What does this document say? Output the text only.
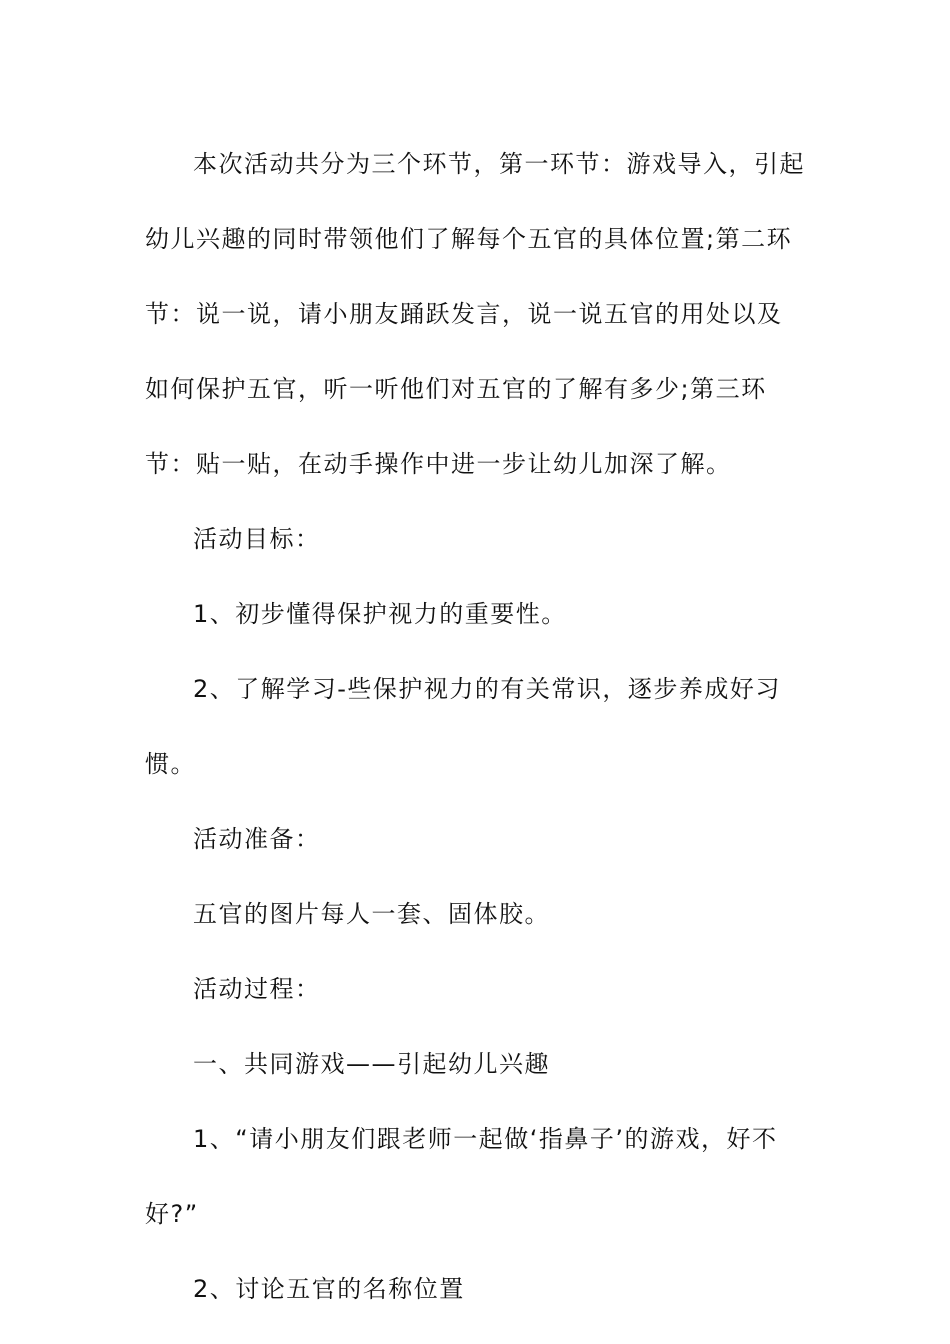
本次活动共分为三个环节，第一环节：游戏导入，引起幼儿兴趣的同时带领他们了解每个五官的具体位置;第二环节：说一说，请小朋友踊跃发言，说一说五官的用处以及如何保护五官，听一听他们对五官的了解有多少;第三环节：贴一贴，在动手操作中进一步让幼儿加深了解。

活动目标：

1、初步懂得保护视力的重要性。

2、了解学习-些保护视力的有关常识，逐步养成好习惯。

活动准备：

五官的图片每人一套、固体胶。

活动过程：

一、共同游戏——引起幼儿兴趣

1、“请小朋友们跟老师一起做‘指鼻子’的游戏，好不好?”

2、讨论五官的名称位置
